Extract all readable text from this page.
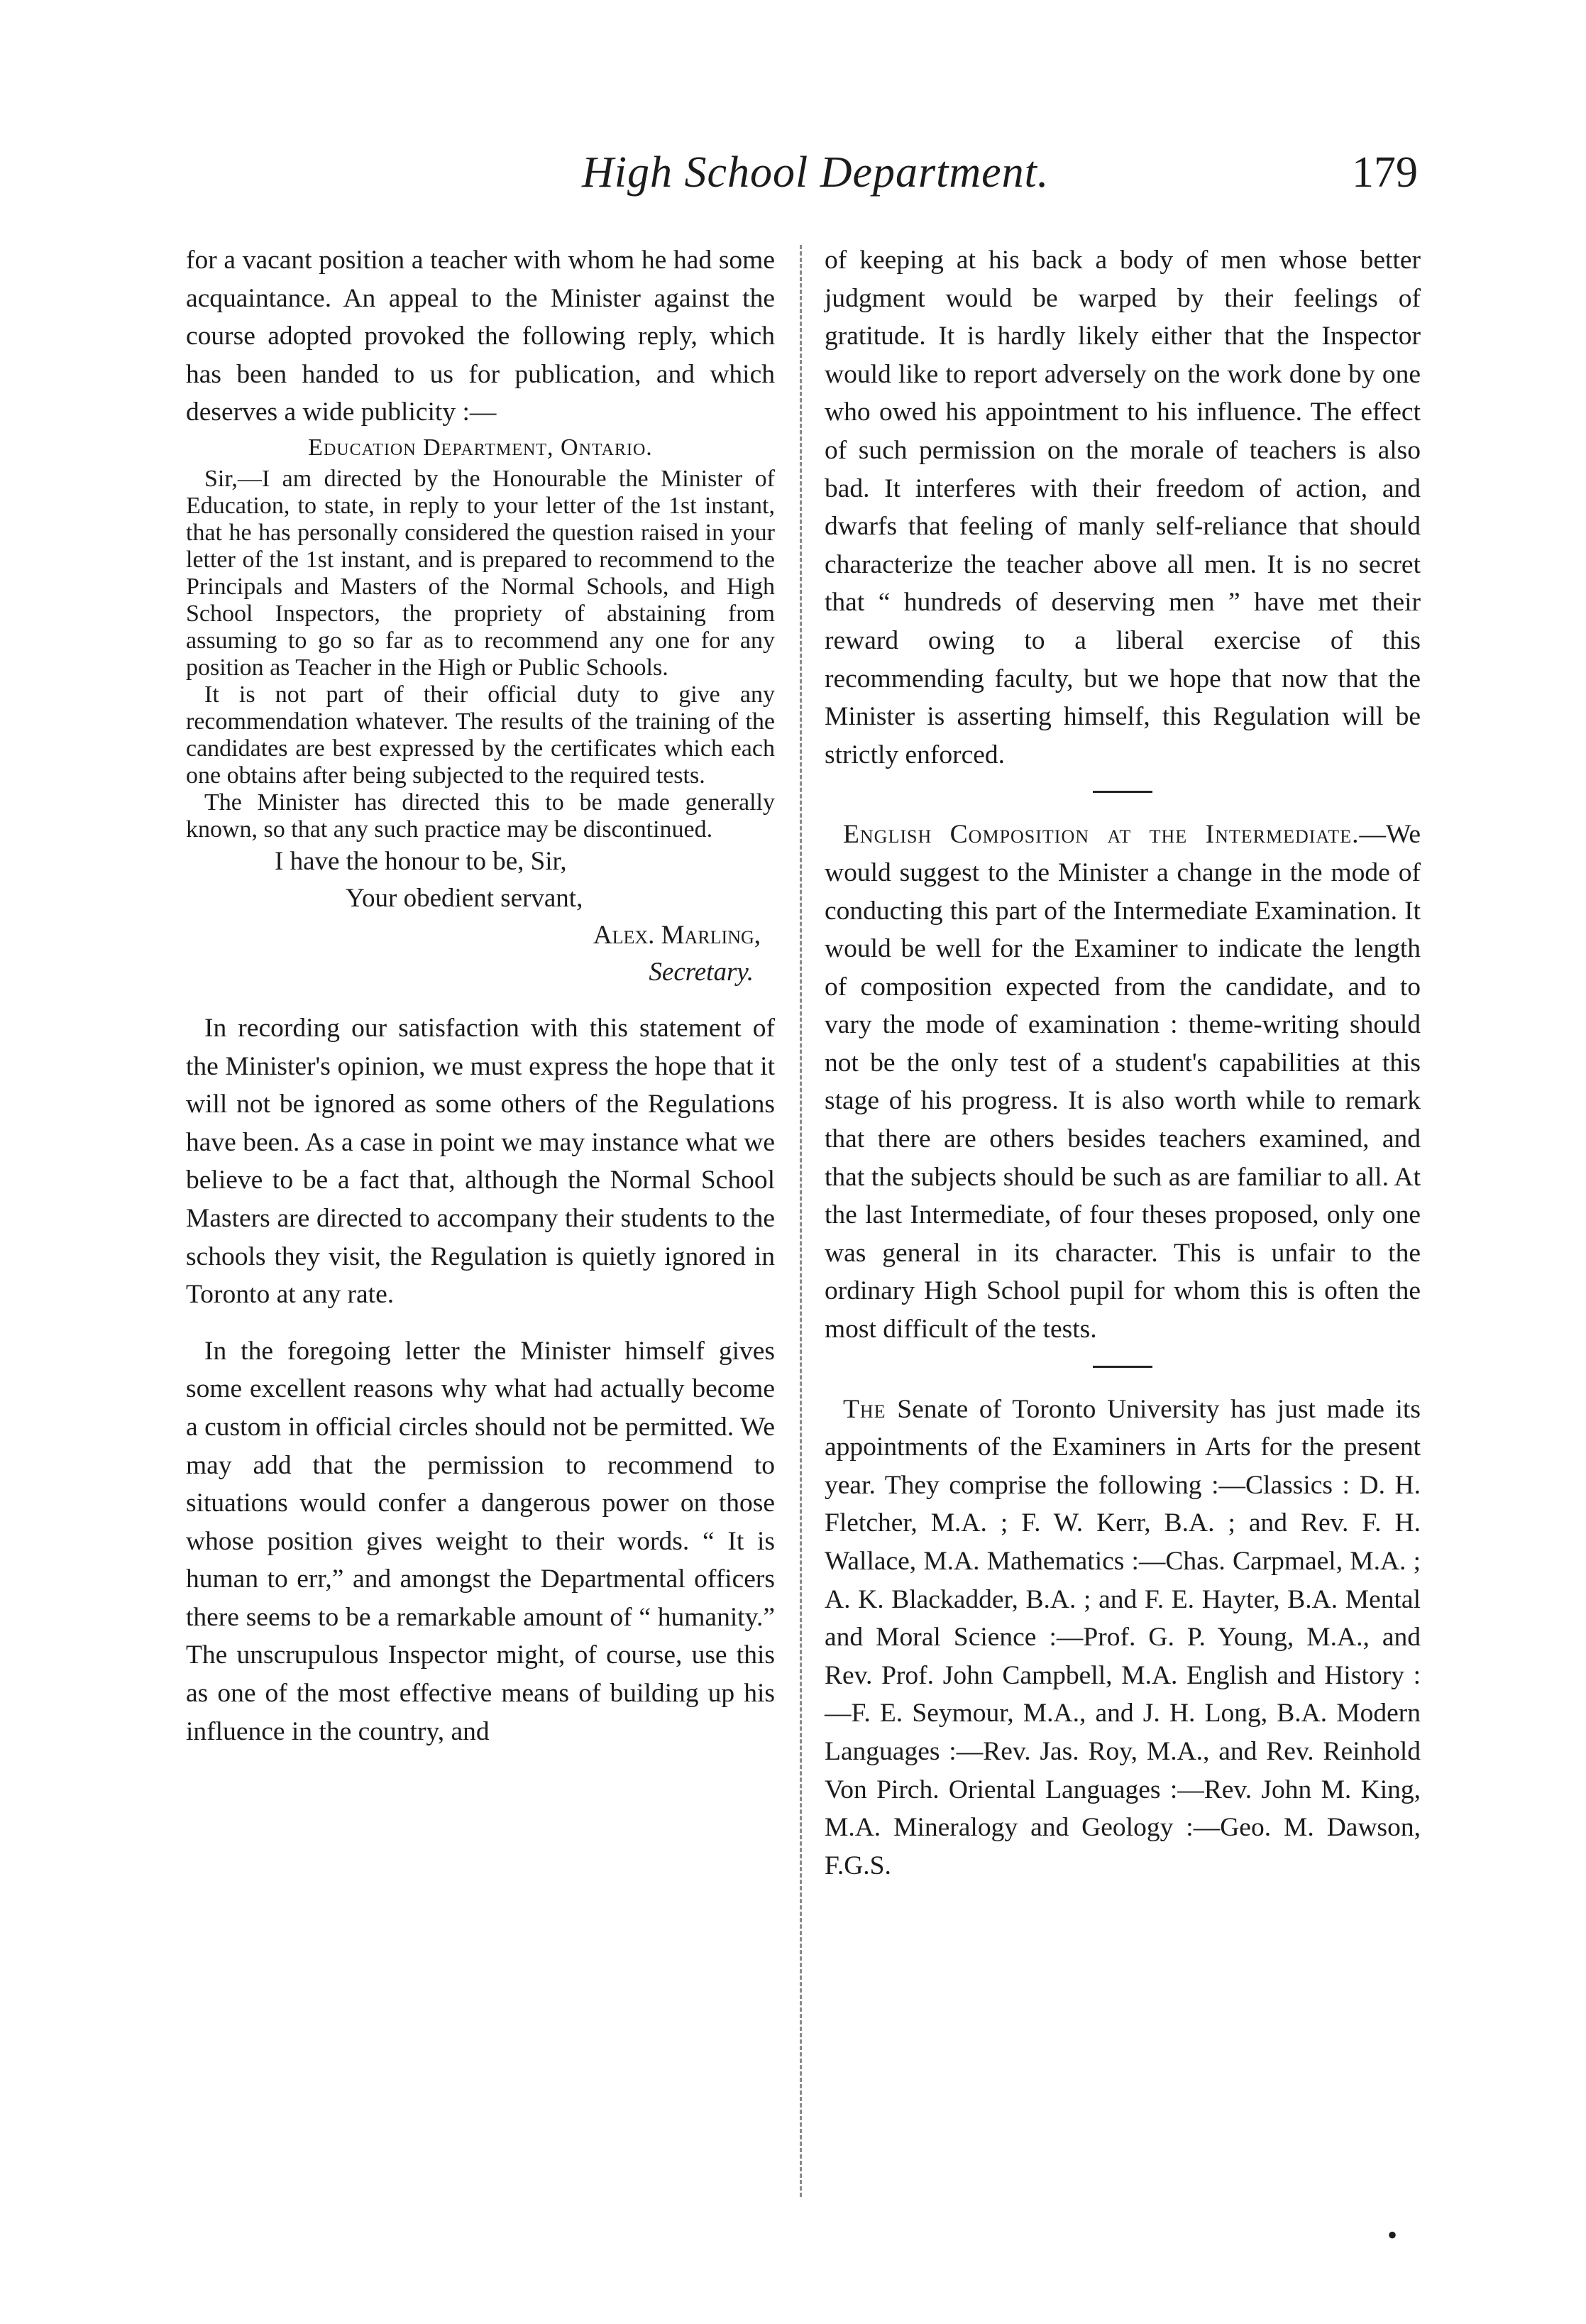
High School Department.	179

for a vacant position a teacher with whom he had some acquaintance. An appeal to the Minister against the course adopted provoked the following reply, which has been handed to us for publication, and which deserves a wide publicity :—

Education Department, Ontario.

Sir,—I am directed by the Honourable the Minister of Education, to state, in reply to your letter of the 1st instant, that he has personally considered the question raised in your letter of the 1st instant, and is prepared to recommend to the Principals and Masters of the Normal Schools, and High School Inspectors, the propriety of abstaining from assuming to go so far as to recommend any one for any position as Teacher in the High or Public Schools.

It is not part of their official duty to give any recommendation whatever. The results of the training of the candidates are best expressed by the certificates which each one obtains after being subjected to the required tests.

The Minister has directed this to be made generally known, so that any such practice may be discontinued.

I have the honour to be, Sir,
Your obedient servant,
Alex. Marling,
Secretary.

In recording our satisfaction with this statement of the Minister's opinion, we must express the hope that it will not be ignored as some others of the Regulations have been. As a case in point we may instance what we believe to be a fact that, although the Normal School Masters are directed to accompany their students to the schools they visit, the Regulation is quietly ignored in Toronto at any rate.

In the foregoing letter the Minister himself gives some excellent reasons why what had actually become a custom in official circles should not be permitted. We may add that the permission to recommend to situations would confer a dangerous power on those whose position gives weight to their words. “ It is human to err,” and amongst the Departmental officers there seems to be a remarkable amount of “ humanity.” The unscrupulous Inspector might, of course, use this as one of the most effective means of building up his influence in the country, and

of keeping at his back a body of men whose better judgment would be warped by their feelings of gratitude. It is hardly likely either that the Inspector would like to report adversely on the work done by one who owed his appointment to his influence. The effect of such permission on the morale of teachers is also bad. It interferes with their freedom of action, and dwarfs that feeling of manly self-reliance that should characterize the teacher above all men. It is no secret that “ hundreds of deserving men ” have met their reward owing to a liberal exercise of this recommending faculty, but we hope that now that the Minister is asserting himself, this Regulation will be strictly enforced.

English Composition at the Intermediate.—We would suggest to the Minister a change in the mode of conducting this part of the Intermediate Examination. It would be well for the Examiner to indicate the length of composition expected from the candidate, and to vary the mode of examination : theme-writing should not be the only test of a student's capabilities at this stage of his progress. It is also worth while to remark that there are others besides teachers examined, and that the subjects should be such as are familiar to all. At the last Intermediate, of four theses proposed, only one was general in its character. This is unfair to the ordinary High School pupil for whom this is often the most difficult of the tests.

The Senate of Toronto University has just made its appointments of the Examiners in Arts for the present year. They comprise the following :—Classics : D. H. Fletcher, M.A. ; F. W. Kerr, B.A. ; and Rev. F. H. Wallace, M.A. Mathematics :—Chas. Carpmael, M.A. ; A. K. Blackadder, B.A. ; and F. E. Hayter, B.A. Mental and Moral Science :—Prof. G. P. Young, M.A., and Rev. Prof. John Campbell, M.A. English and History :—F. E. Seymour, M.A., and J. H. Long, B.A. Modern Languages :—Rev. Jas. Roy, M.A., and Rev. Reinhold Von Pirch. Oriental Languages :—Rev. John M. King, M.A. Mineralogy and Geology :—Geo. M. Dawson, F.G.S.

•
